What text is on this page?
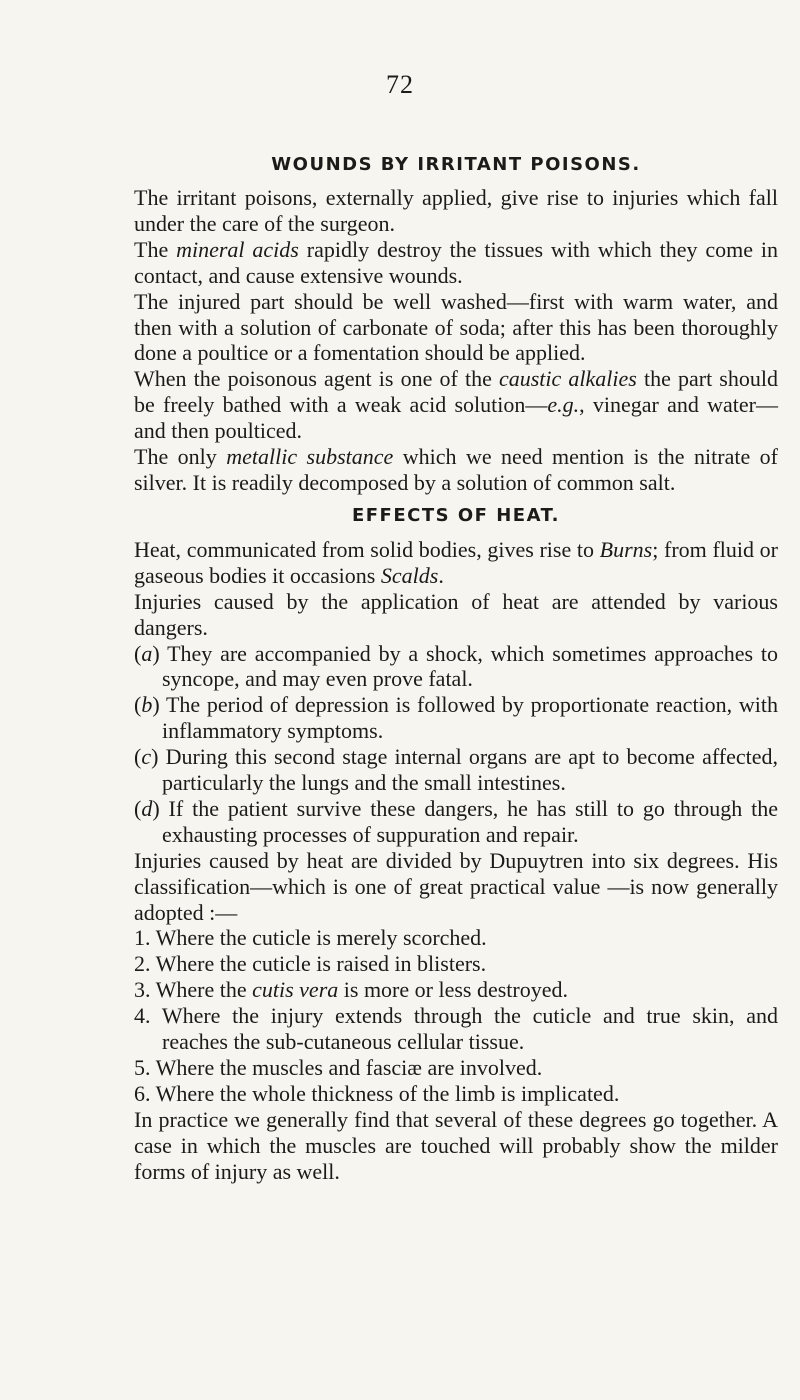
72
WOUNDS BY IRRITANT POISONS.

The irritant poisons, externally applied, give rise to injuries which fall under the care of the surgeon.

The mineral acids rapidly destroy the tissues with which they come in contact, and cause extensive wounds.

The injured part should be well washed—first with warm water, and then with a solution of carbonate of soda; after this has been thoroughly done a poultice or a fomentation should be applied.

When the poisonous agent is one of the caustic alkalies the part should be freely bathed with a weak acid solution—e.g., vinegar and water—and then poulticed.

The only metallic substance which we need mention is the nitrate of silver. It is readily decomposed by a solution of common salt.

EFFECTS OF HEAT.

Heat, communicated from solid bodies, gives rise to Burns; from fluid or gaseous bodies it occasions Scalds.

Injuries caused by the application of heat are attended by various dangers.

(a) They are accompanied by a shock, which sometimes approaches to syncope, and may even prove fatal.
(b) The period of depression is followed by proportionate reaction, with inflammatory symptoms.
(c) During this second stage internal organs are apt to become affected, particularly the lungs and the small intestines.
(d) If the patient survive these dangers, he has still to go through the exhausting processes of suppuration and repair.

Injuries caused by heat are divided by Dupuytren into six degrees. His classification—which is one of great practical value —is now generally adopted :—

1. Where the cuticle is merely scorched.
2. Where the cuticle is raised in blisters.
3. Where the cutis vera is more or less destroyed.
4. Where the injury extends through the cuticle and true skin, and reaches the sub-cutaneous cellular tissue.
5. Where the muscles and fasciæ are involved.
6. Where the whole thickness of the limb is implicated.

In practice we generally find that several of these degrees go together. A case in which the muscles are touched will probably show the milder forms of injury as well.
